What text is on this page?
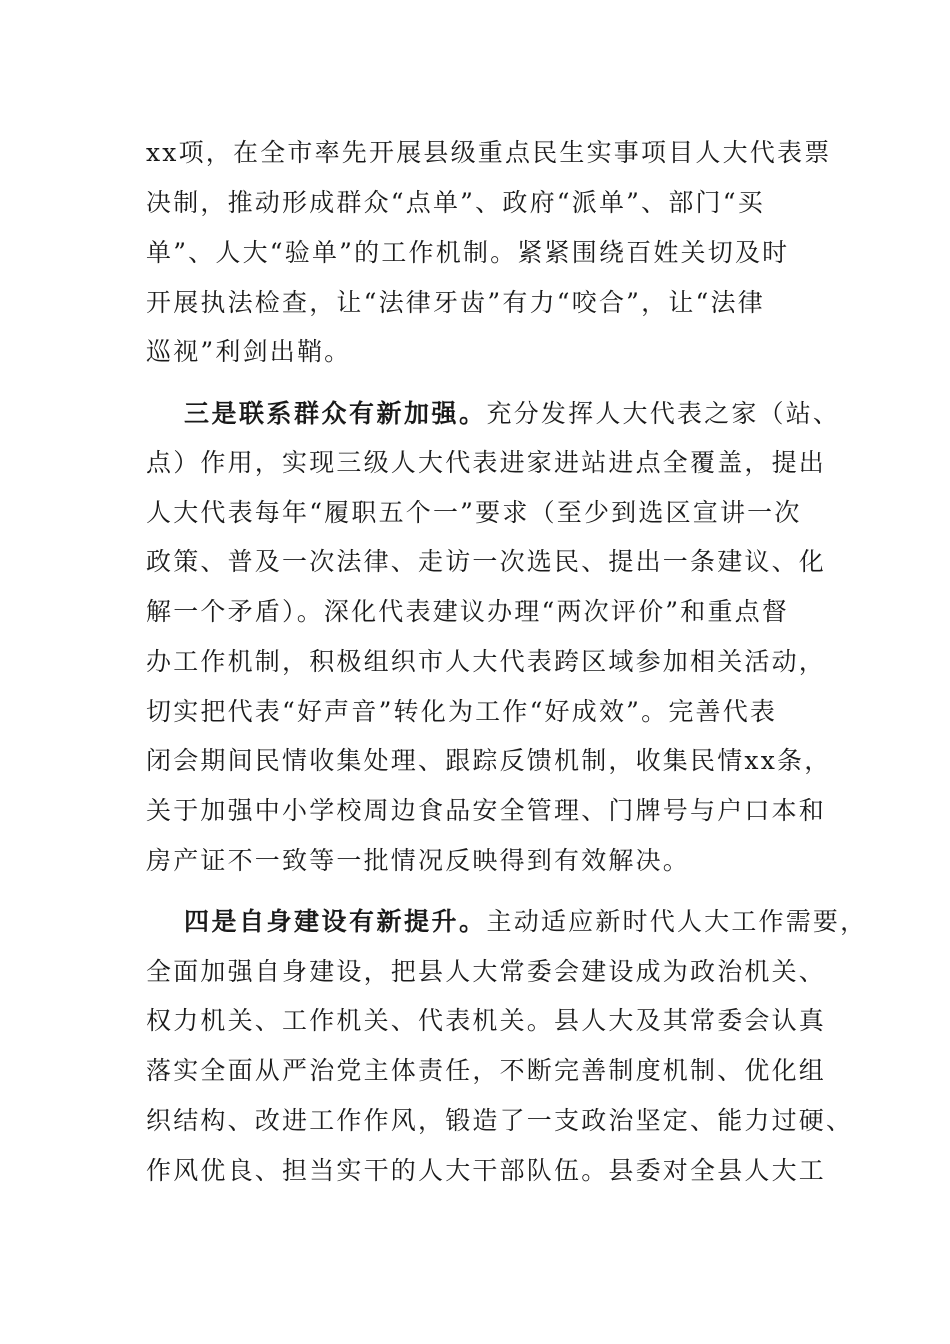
xx项，在全市率先开展县级重点民生实事项目人大代表票
决制，推动形成群众“点单”、政府“派单”、部门“买
单”、人大“验单”的工作机制。紧紧围绕百姓关切及时
开展执法检查，让“法律牙齿”有力“咬合”，让“法律
巡视”利剑出鞘。
三是联系群众有新加强。充分发挥人大代表之家（站、
点）作用，实现三级人大代表进家进站进点全覆盖，提出
人大代表每年“履职五个一”要求（至少到选区宣讲一次
政策、普及一次法律、走访一次选民、提出一条建议、化
解一个矛盾）。深化代表建议办理“两次评价”和重点督
办工作机制，积极组织市人大代表跨区域参加相关活动，
切实把代表“好声音”转化为工作“好成效”。完善代表
闭会期间民情收集处理、跟踪反馈机制，收集民情xx条，
关于加强中小学校周边食品安全管理、门牌号与户口本和
房产证不一致等一批情况反映得到有效解决。
四是自身建设有新提升。主动适应新时代人大工作需要，
全面加强自身建设，把县人大常委会建设成为政治机关、
权力机关、工作机关、代表机关。县人大及其常委会认真
落实全面从严治党主体责任，不断完善制度机制、优化组
织结构、改进工作作风，锻造了一支政治坚定、能力过硬、
作风优良、担当实干的人大干部队伍。县委对全县人大工
